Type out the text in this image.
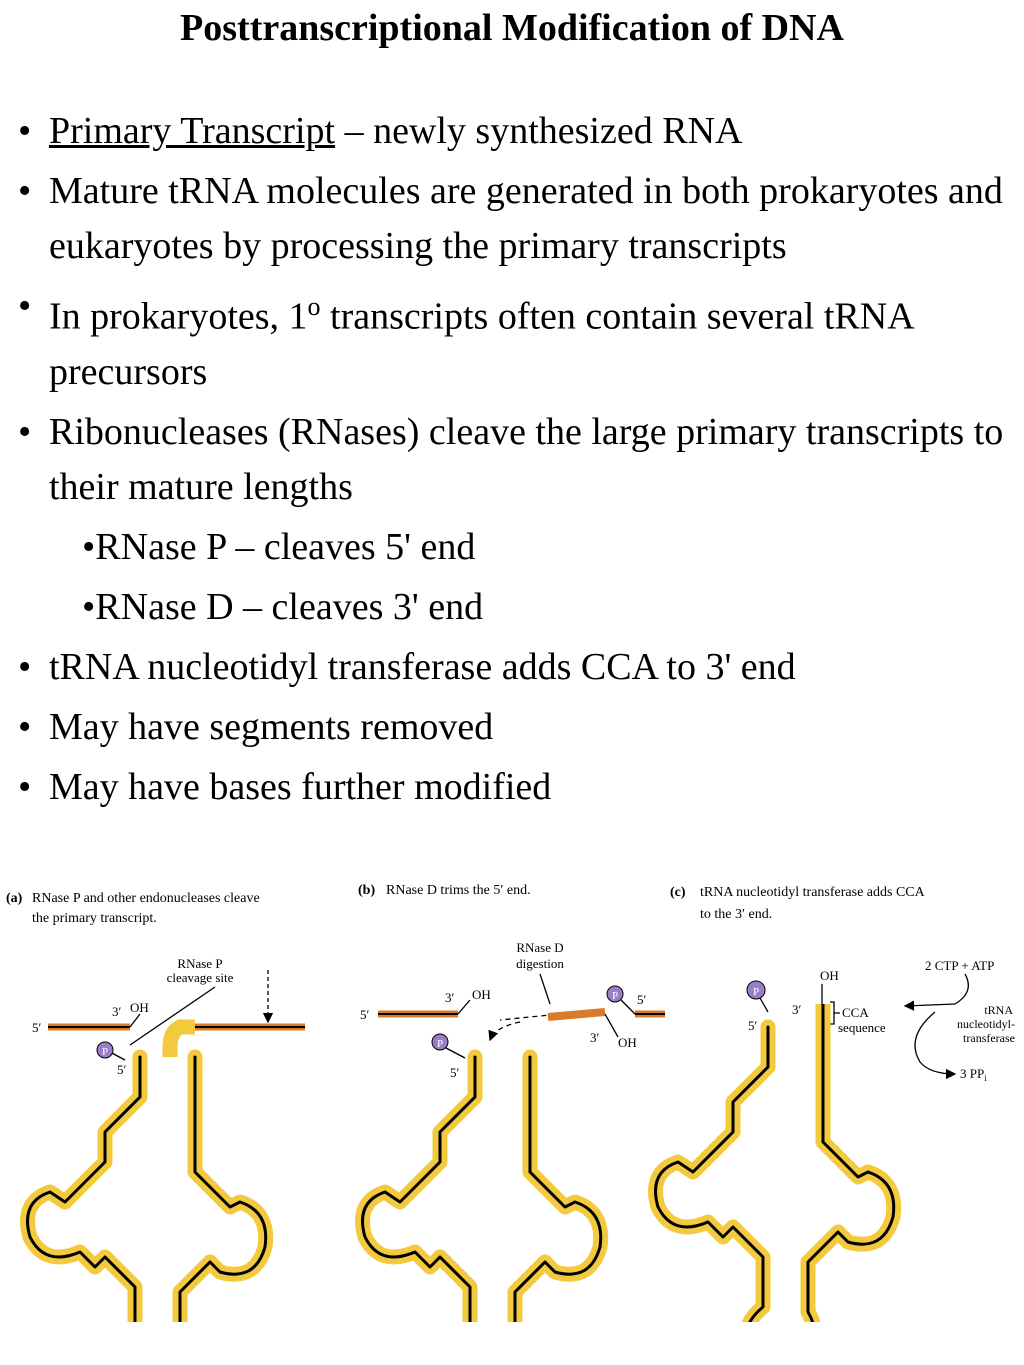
Posttranscriptional Modification of DNA
• Primary Transcript – newly synthesized RNA
• Mature tRNA molecules are generated in both prokaryotes and eukaryotes by processing the primary transcripts
• In prokaryotes, 1$^o$ transcripts often contain several tRNA precursors
• Ribonucleases (RNases) cleave the large primary transcripts to their mature lengths
•RNase P – cleaves 5' end
•RNase D – cleaves 3' end
• tRNA nucleotidyl transferase adds CCA to 3' end
• May have segments removed
• May have bases further modified
(a) RNase P and other endonucleases cleave
the primary transcript.
RNase P
cleavage site
5′
3′ OH
P
5′
(b) RNase D trims the 5′ end.
RNase D
digestion
5′
3′ OH	P 5′
3′ OH
P
5′
(c) tRNA nucleotidyl transferase adds CCA
to the 3′ end.
OH
P
3′
5′
CCA
sequence
2 CTP + ATP
tRNA
nucleotidyl-
transferase
3 $PP_i$
